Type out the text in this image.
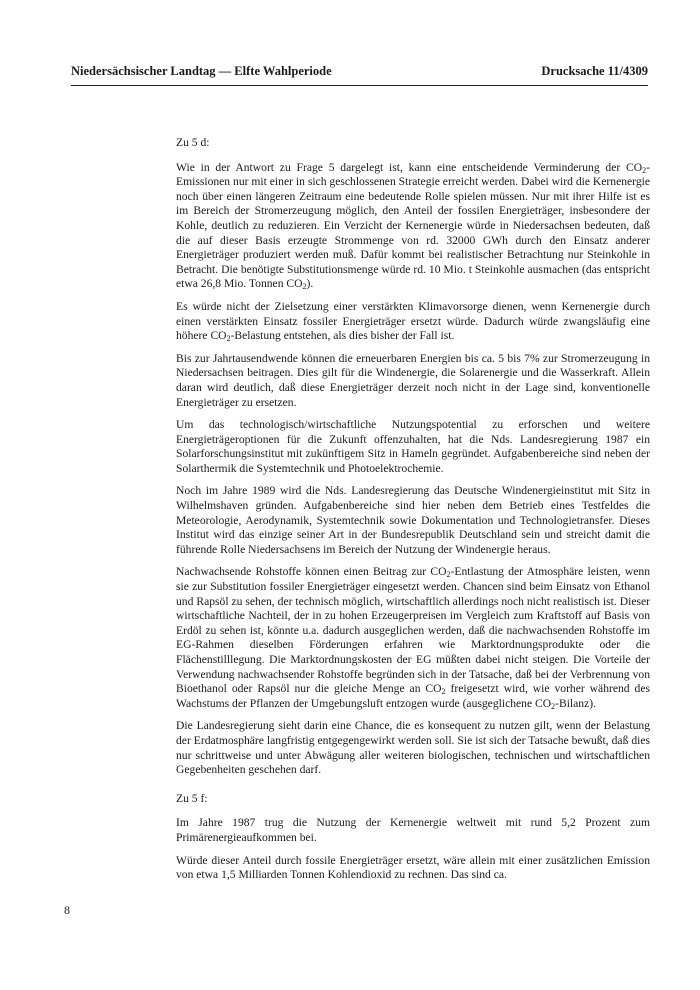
Niedersächsischer Landtag — Elfte Wahlperiode	Drucksache 11/4309

Zu 5 d:

Wie in der Antwort zu Frage 5 dargelegt ist, kann eine entscheidende Verminderung der $CO_2$-Emissionen nur mit einer in sich geschlossenen Strategie erreicht werden. Dabei wird die Kernenergie noch über einen längeren Zeitraum eine bedeutende Rolle spielen müssen. Nur mit ihrer Hilfe ist es im Bereich der Stromerzeugung möglich, den Anteil der fossilen Energieträger, insbesondere der Kohle, deutlich zu reduzieren. Ein Verzicht der Kernenergie würde in Niedersachsen bedeuten, daß die auf dieser Basis erzeugte Strommenge von rd. 32000 GWh durch den Einsatz anderer Energieträger produziert werden muß. Dafür kommt bei realistischer Betrachtung nur Steinkohle in Betracht. Die benötigte Substitutionsmenge würde rd. 10 Mio. t Steinkohle ausmachen (das entspricht etwa 26,8 Mio. Tonnen $CO_2$).

Es würde nicht der Zielsetzung einer verstärkten Klimavorsorge dienen, wenn Kernenergie durch einen verstärkten Einsatz fossiler Energieträger ersetzt würde. Dadurch würde zwangsläufig eine höhere $CO_2$-Belastung entstehen, als dies bisher der Fall ist.

Bis zur Jahrtausendwende können die erneuerbaren Energien bis ca. 5 bis 7% zur Stromerzeugung in Niedersachsen beitragen. Dies gilt für die Windenergie, die Solarenergie und die Wasserkraft. Allein daran wird deutlich, daß diese Energieträger derzeit noch nicht in der Lage sind, konventionelle Energieträger zu ersetzen.

Um das technologisch/wirtschaftliche Nutzungspotential zu erforschen und weitere Energieträgeroptionen für die Zukunft offenzuhalten, hat die Nds. Landesregierung 1987 ein Solarforschungsinstitut mit zukünftigem Sitz in Hameln gegründet. Aufgabenbereiche sind neben der Solarthermik die Systemtechnik und Photoelektrochemie.

Noch im Jahre 1989 wird die Nds. Landesregierung das Deutsche Windenergieinstitut mit Sitz in Wilhelmshaven gründen. Aufgabenbereiche sind hier neben dem Betrieb eines Testfeldes die Meteorologie, Aerodynamik, Systemtechnik sowie Dokumentation und Technologietransfer. Dieses Institut wird das einzige seiner Art in der Bundesrepublik Deutschland sein und streicht damit die führende Rolle Niedersachsens im Bereich der Nutzung der Windenergie heraus.

Nachwachsende Rohstoffe können einen Beitrag zur $CO_2$-Entlastung der Atmosphäre leisten, wenn sie zur Substitution fossiler Energieträger eingesetzt werden. Chancen sind beim Einsatz von Ethanol und Rapsöl zu sehen, der technisch möglich, wirtschaftlich allerdings noch nicht realistisch ist. Dieser wirtschaftliche Nachteil, der in zu hohen Erzeugerpreisen im Vergleich zum Kraftstoff auf Basis von Erdöl zu sehen ist, könnte u.a. dadurch ausgeglichen werden, daß die nachwachsenden Rohstoffe im EG-Rahmen dieselben Förderungen erfahren wie Marktordnungsprodukte oder die Flächenstilllegung. Die Marktordnungskosten der EG müßten dabei nicht steigen. Die Vorteile der Verwendung nachwachsender Rohstoffe begründen sich in der Tatsache, daß bei der Verbrennung von Bioethanol oder Rapsöl nur die gleiche Menge an $CO_2$ freigesetzt wird, wie vorher während des Wachstums der Pflanzen der Umgebungsluft entzogen wurde (ausgeglichene $CO_2-Bilanz$).

Die Landesregierung sieht darin eine Chance, die es konsequent zu nutzen gilt, wenn der Belastung der Erdatmosphäre langfristig entgegengewirkt werden soll. Sie ist sich der Tatsache bewußt, daß dies nur schrittweise und unter Abwägung aller weiteren biologischen, technischen und wirtschaftlichen Gegebenheiten geschehen darf.

Zu 5 f:

Im Jahre 1987 trug die Nutzung der Kernenergie weltweit mit rund 5,2 Prozent zum Primärenergieaufkommen bei.

Würde dieser Anteil durch fossile Energieträger ersetzt, wäre allein mit einer zusätzlichen Emission von etwa 1,5 Milliarden Tonnen Kohlendioxid zu rechnen. Das sind ca.

8
